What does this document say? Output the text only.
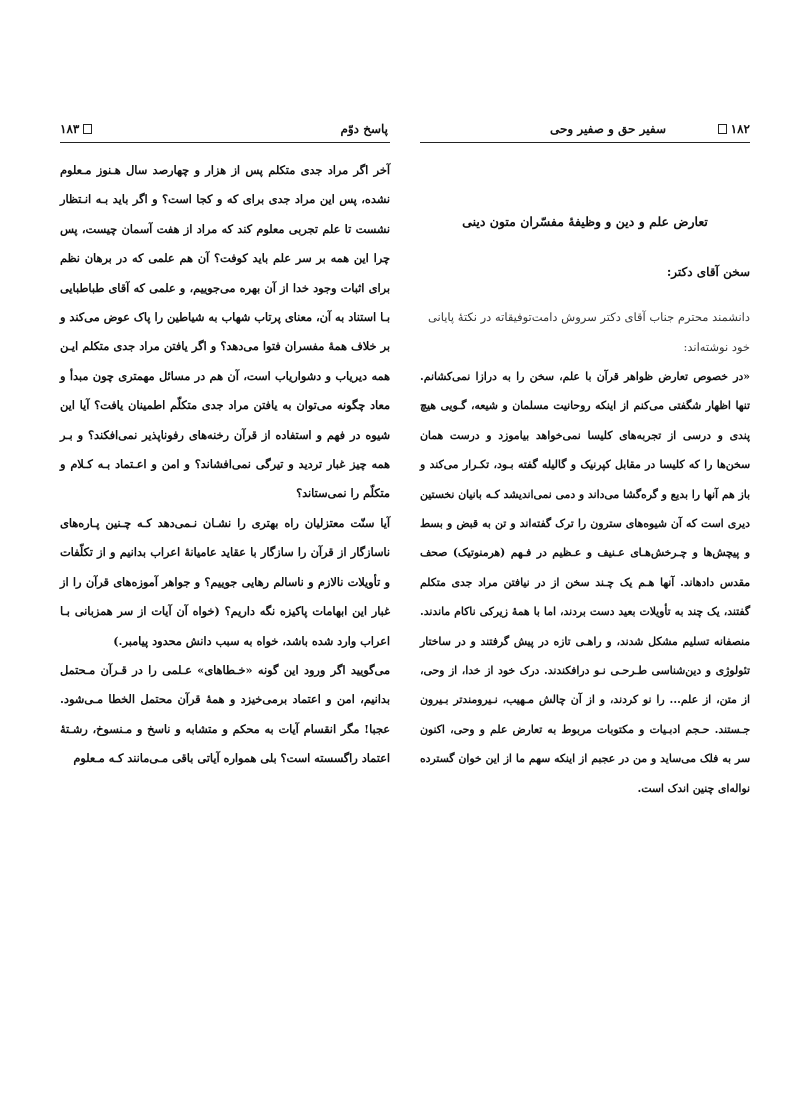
پاسخ دوّم
۱۸۳

آخر اگر مراد جدی متکلم پس از هزار و چهارصد سال هـنوز مـعلوم نشده، پس این مراد جدی برای که و کجا است؟ و اگر باید بـه انـتظار نشست تا علم تجربی معلوم کند که مراد از هفت آسمان چیست، پس چرا این همه بر سر علم باید کوفت؟ آن هم علمی که در برهان نظم برای اثبات وجود خدا از آن بهره می‌جوییم، و علمی که آقای طباطبایی بـا استناد به آن، معنای پرتاب شهاب به شیاطین را پاک عوض می‌کند و بر خلاف همهٔ مفسران فتوا می‌دهد؟ و اگر یافتن مراد جدی متکلم ایـن همه دیریاب و دشواریاب است، آن هم در مسائل مهمتری چون مبدأ و معاد چگونه می‌توان به یافتن مراد جدی متکلّم اطمینان یافت؟ آیا این شیوه در فهم و استفاده از قرآن رخنه‌های رفوناپذیر نمی‌افکند؟ و بـر همه چیز غبار تردید و تیرگی نمی‌افشاند؟ و امن و اعـتماد بـه کـلام و متکلّم را نمی‌ستاند؟

آیا سنّت معتزلیان راه بهتری را نشـان نـمی‌دهد کـه چـنین پـاره‌های ناسازگار از قرآن را سازگار با عقاید عامیانهٔ اعراب بدانیم و از تکلّفات و تأویلات نالازم و ناسالم رهایی جوییم؟ و جواهر آموزه‌های قرآن را از غبار این ابهامات پاکیزه نگه داریم؟ (خواه آن آیات از سر همزبانی بـا اعراب وارد شده باشد، خواه به سبب دانش محدود پیامبر.)

می‌گویید اگر ورود این گونه «خـطاهای» عـلمی را در قـرآن مـحتمل بدانیم، امن و اعتماد برمی‌خیزد و همهٔ قرآن محتمل الخطا مـی‌شود. عجبا! مگر انقسام آیات به محکم و متشابه و ناسخ و مـنسوخ، رشـتهٔ اعتماد راگسسته است؟ بلی همواره آیاتی باقی مـی‌مانند کـه مـعلوم

سفیر حق و صفیر وحی	۱۸۲
تعارض علم و دین و وظیفهٔ مفسّران متون دینی
سخن آقای دکتر:
دانشمند محترم جناب آقای دکتر سروش دامت‌توفیقاته در نکتهٔ پایانی خود نوشته‌اند:
«در خصوص تعارض ظواهر قرآن با علم، سخن را به درازا نمی‌کشانم. تنها اظهار شگفتی می‌کنم از اینکه روحانیت مسلمان و شیعه، گـویی هیچ پندی و درسی از تجربه‌های کلیسا نمی‌خواهد بیاموزد و درست همان سخن‌ها را که کلیسا در مقابل کپرنیک و گالیله گفته بـود، تکـرار می‌کند و باز هم آنها را بدیع و گره‌گشا می‌داند و دمی نمی‌اندیشد کـه بانیان نخستین دیری است که آن شیوه‌های سترون را ترک گفته‌اند و تن به قبض و بسط و پیچش‌ها و چـرخش‌هـای عـنیف و عـظیم در فـهم (هرمنوتیک) صحف مقدس دادهاند. آنها هـم یک چـند سخن از در نیافتن مراد جدی متکلم گفتند، یک چند به تأویلات بعید دست بردند، اما با همهٔ زیرکی ناکام ماندند. منصفانه تسلیم مشکل شدند، و راهـی تازه در پیش گرفتند و در ساختار تئولوژی و دین‌شناسی طـرحـی نـو درافکندند. درک خود از خدا، از وحی، از متن، از علم... را نو کردند، و از آن چالش مـهیب، نـیرومندتر بـیرون جـستند. حـجم ادبـیات و مکتوبات مربوط به تعارض علم و وحی، اکنون سر به فلک می‌ساید و من در عجبم از اینکه سهم ما از این خوان گسترده نواله‌ای چنین اندک است.
